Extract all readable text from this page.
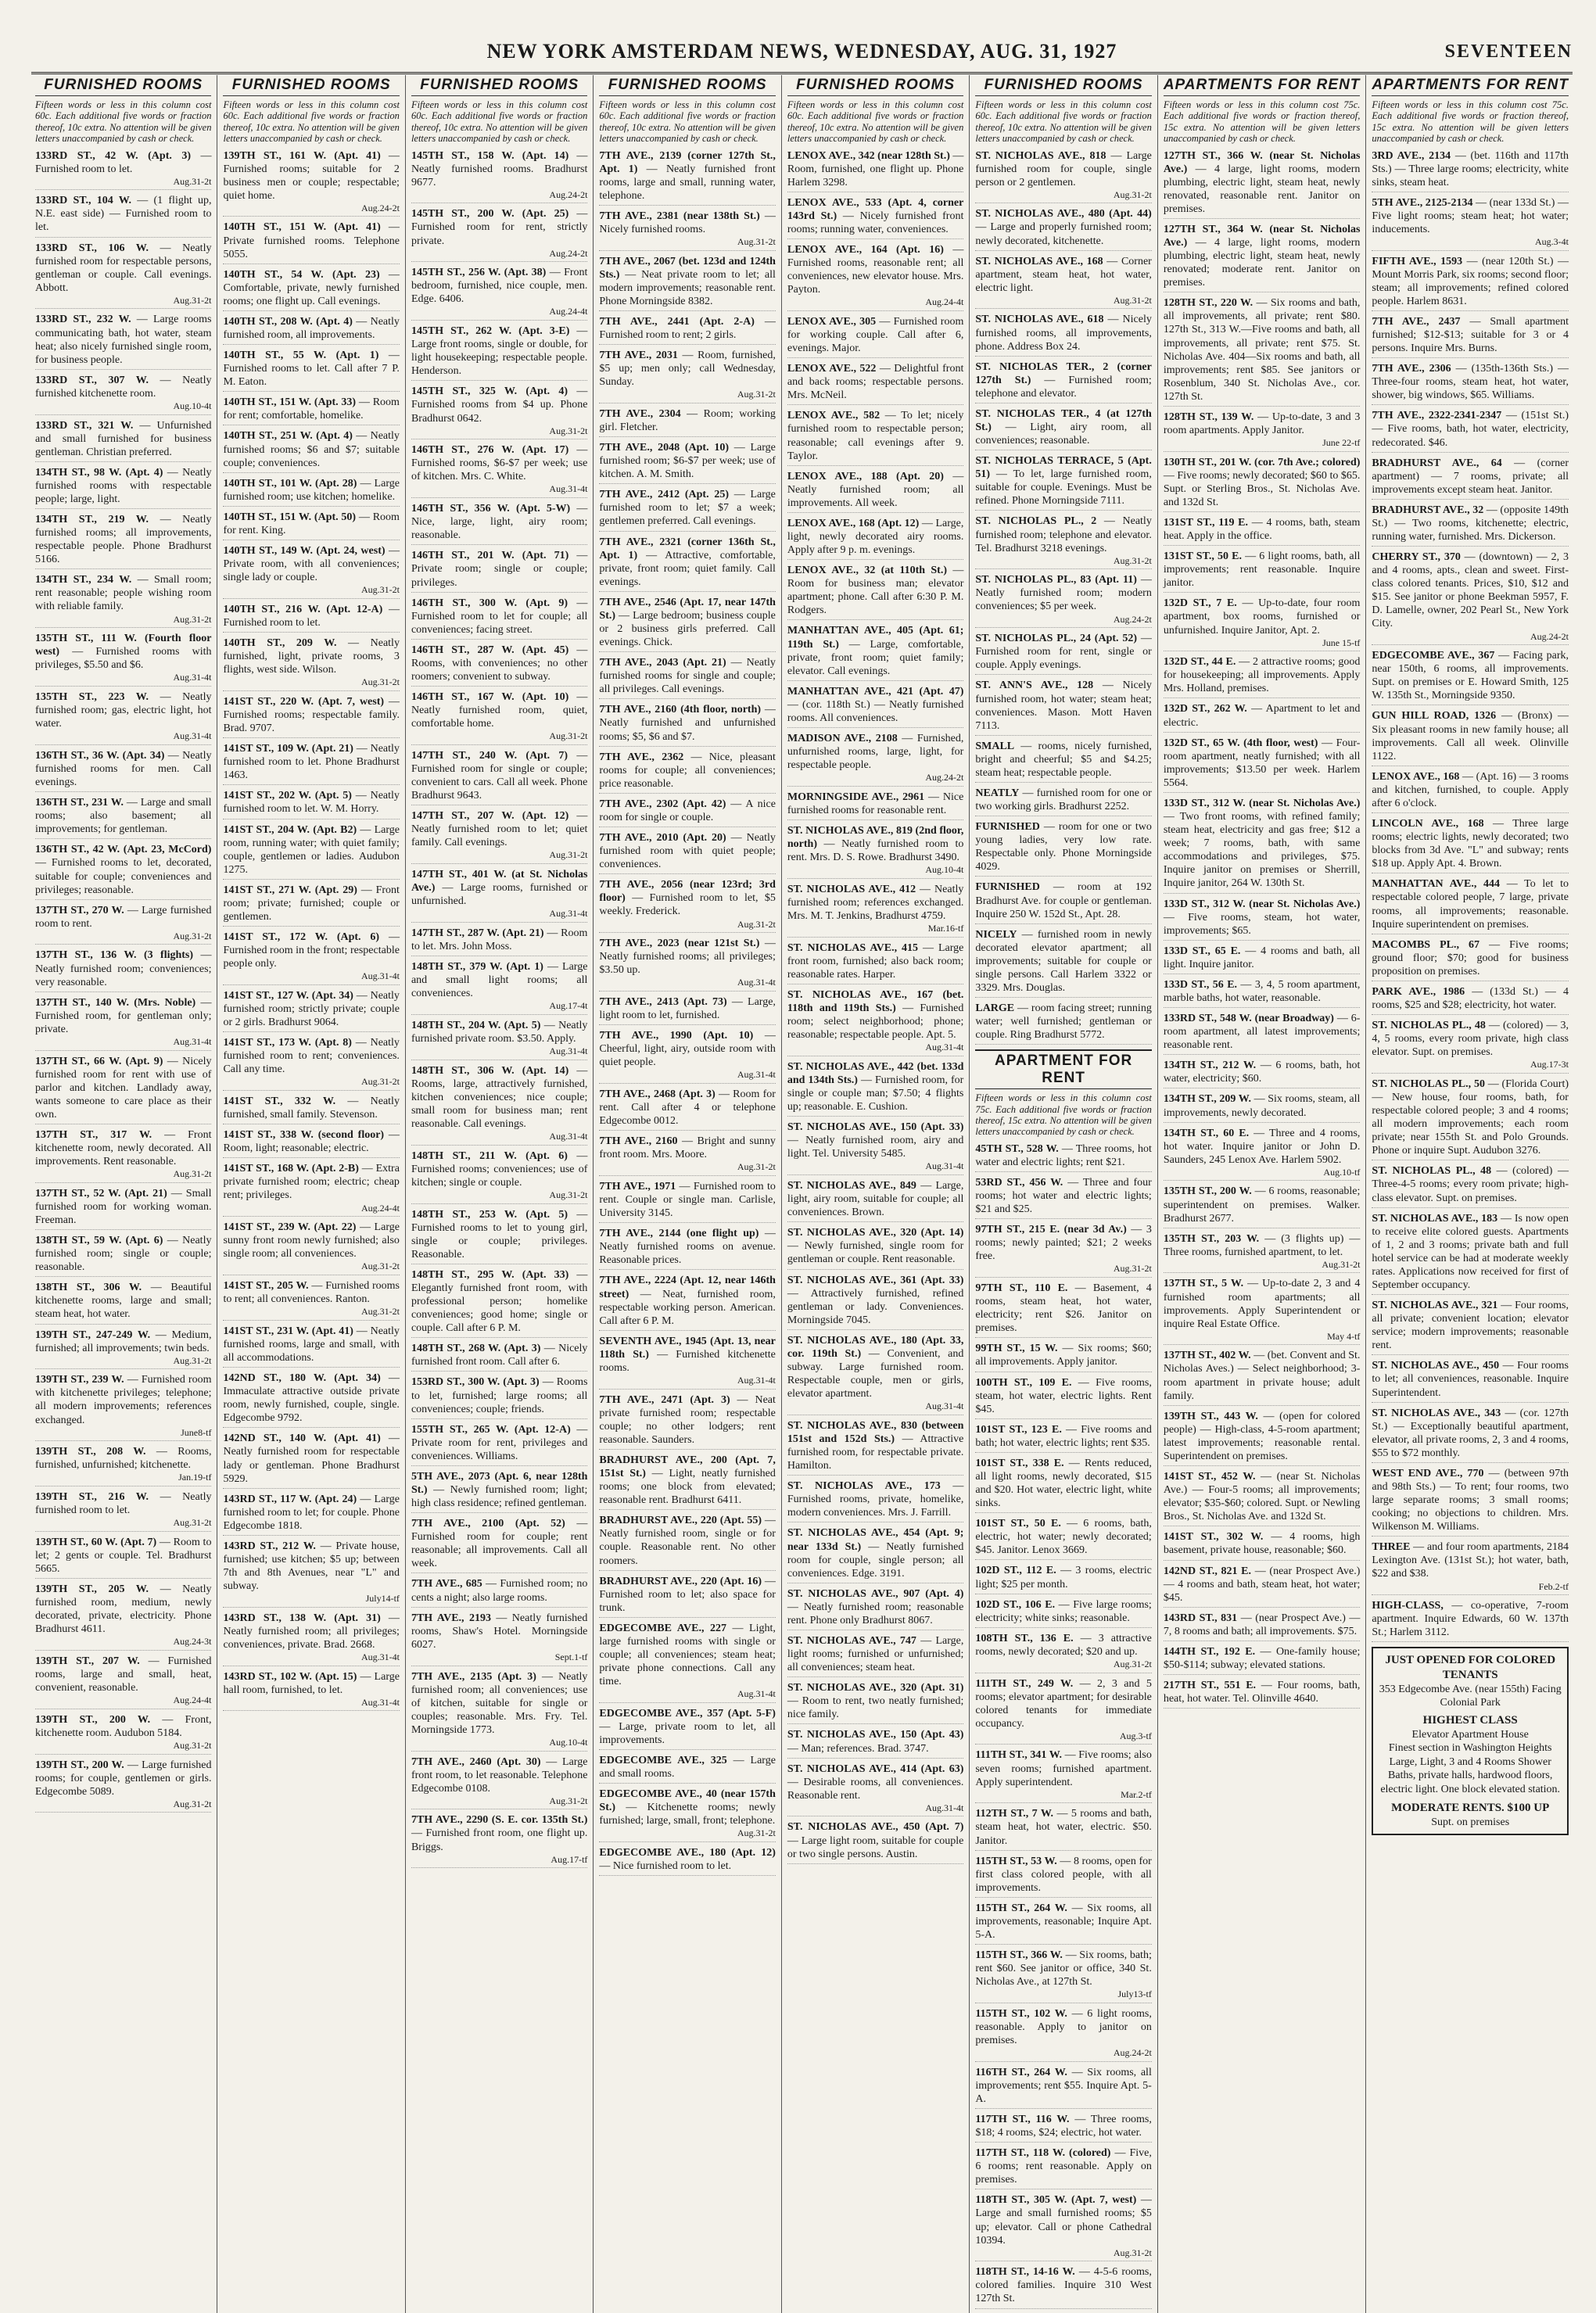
NEW YORK AMSTERDAM NEWS, WEDNESDAY, AUG. 31, 1927	SEVENTEEN
FURNISHED ROOMS

Fifteen words or less in this column cost 60c. Each additional five words or fraction thereof, 10c extra. No attention will be given letters unaccompanied by cash or check.

133RD ST., 42 W. (Apt. 3) — Furnished room to let.
Aug.31-2t

133RD ST., 104 W. — (1 flight up, N.E. east side) — Furnished room to let.

133RD ST., 106 W. — Neatly furnished room for respectable persons, gentleman or couple. Call evenings. Abbott.
Aug.31-2t

133RD ST., 232 W. — Large rooms communicating bath, hot water, steam heat; also nicely furnished single room, for business people.

133RD ST., 307 W. — Neatly furnished kitchenette room.
Aug.10-4t

133RD ST., 321 W. — Unfurnished and small furnished for business gentleman. Christian preferred.

134TH ST., 98 W. (Apt. 4) — Neatly furnished rooms with respectable people; large, light.

134TH ST., 219 W. — Neatly furnished rooms; all improvements, respectable people. Phone Bradhurst 5166.

134TH ST., 234 W. — Small room; rent reasonable; people wishing room with reliable family.
Aug.31-2t

135TH ST., 111 W. (Fourth floor west) — Furnished rooms with privileges, $5.50 and $6.
Aug.31-4t

135TH ST., 223 W. — Neatly furnished room; gas, electric light, hot water.
Aug.31-4t

136TH ST., 36 W. (Apt. 34) — Neatly furnished rooms for men. Call evenings.

136TH ST., 231 W. — Large and small rooms; also basement; all improvements; for gentleman.

136TH ST., 42 W. (Apt. 23, McCord) — Furnished rooms to let, decorated, suitable for couple; conveniences and privileges; reasonable.

137TH ST., 270 W. — Large furnished room to rent.
Aug.31-2t

137TH ST., 136 W. (3 flights) — Neatly furnished room; conveniences; very reasonable.

137TH ST., 140 W. (Mrs. Noble) — Furnished room, for gentleman only; private.
Aug.31-4t

137TH ST., 66 W. (Apt. 9) — Nicely furnished room for rent with use of parlor and kitchen. Landlady away, wants someone to care place as their own.

137TH ST., 317 W. — Front kitchenette room, newly decorated. All improvements. Rent reasonable.
Aug.31-2t

137TH ST., 52 W. (Apt. 21) — Small furnished room for working woman. Freeman.

138TH ST., 59 W. (Apt. 6) — Neatly furnished room; single or couple; reasonable.

138TH ST., 306 W. — Beautiful kitchenette rooms, large and small; steam heat, hot water.

139TH ST., 247-249 W. — Medium, furnished; all improvements; twin beds.
Aug.31-2t

139TH ST., 239 W. — Furnished room with kitchenette privileges; telephone; all modern improvements; references exchanged.
June8-tf

139TH ST., 208 W. — Rooms, furnished, unfurnished; kitchenette.
Jan.19-tf

139TH ST., 216 W. — Neatly furnished room to let.
Aug.31-2t

139TH ST., 60 W. (Apt. 7) — Room to let; 2 gents or couple. Tel. Bradhurst 5665.

139TH ST., 205 W. — Neatly furnished room, medium, newly decorated, private, electricity. Phone Bradhurst 4611.
Aug.24-3t

139TH ST., 207 W. — Furnished rooms, large and small, heat, convenient, reasonable.
Aug.24-4t

139TH ST., 200 W. — Front, kitchenette room. Audubon 5184.
Aug.31-2t

139TH ST., 200 W. — Large furnished rooms; for couple, gentlemen or girls. Edgecombe 5089.
Aug.31-2t

FURNISHED ROOMS

Fifteen words or less in this column cost 60c. Each additional five words or fraction thereof, 10c extra. No attention will be given letters unaccompanied by cash or check.

139TH ST., 161 W. (Apt. 41) — Furnished rooms; suitable for 2 business men or couple; respectable; quiet home.
Aug.24-2t

140TH ST., 151 W. (Apt. 41) — Private furnished rooms. Telephone 5055.

140TH ST., 54 W. (Apt. 23) — Comfortable, private, newly furnished rooms; one flight up. Call evenings.

140TH ST., 208 W. (Apt. 4) — Neatly furnished room, all improvements.

140TH ST., 55 W. (Apt. 1) — Furnished rooms to let. Call after 7 P. M. Eaton.

140TH ST., 151 W. (Apt. 33) — Room for rent; comfortable, homelike.

140TH ST., 251 W. (Apt. 4) — Neatly furnished rooms; $6 and $7; suitable couple; conveniences.

140TH ST., 101 W. (Apt. 28) — Large furnished room; use kitchen; homelike.

140TH ST., 151 W. (Apt. 50) — Room for rent. King.

140TH ST., 149 W. (Apt. 24, west) — Private room, with all conveniences; single lady or couple.
Aug.31-2t

140TH ST., 216 W. (Apt. 12-A) — Furnished room to let.

140TH ST., 209 W. — Neatly furnished, light, private rooms, 3 flights, west side. Wilson.
Aug.31-2t

141ST ST., 220 W. (Apt. 7, west) — Furnished rooms; respectable family. Brad. 9707.

141ST ST., 109 W. (Apt. 21) — Neatly furnished room to let. Phone Bradhurst 1463.

141ST ST., 202 W. (Apt. 5) — Neatly furnished room to let. W. M. Horry.

141ST ST., 204 W. (Apt. B2) — Large room, running water; with quiet family; couple, gentlemen or ladies. Audubon 1275.

141ST ST., 271 W. (Apt. 29) — Front room; private; furnished; couple or gentlemen.

141ST ST., 172 W. (Apt. 6) — Furnished room in the front; respectable people only.
Aug.31-4t

141ST ST., 127 W. (Apt. 34) — Neatly furnished room; strictly private; couple or 2 girls. Bradhurst 9064.

141ST ST., 173 W. (Apt. 8) — Neatly furnished room to rent; conveniences. Call any time.
Aug.31-2t

141ST ST., 332 W. — Neatly furnished, small family. Stevenson.

141ST ST., 338 W. (second floor) — Room, light; reasonable; electric.

141ST ST., 168 W. (Apt. 2-B) — Extra private furnished room; electric; cheap rent; privileges.
Aug.24-4t

141ST ST., 239 W. (Apt. 22) — Large sunny front room newly furnished; also single room; all conveniences.
Aug.31-2t

141ST ST., 205 W. — Furnished rooms to rent; all conveniences. Ranton.
Aug.31-2t

141ST ST., 231 W. (Apt. 41) — Neatly furnished rooms, large and small, with all accommodations.

142ND ST., 180 W. (Apt. 34) — Immaculate attractive outside private room, newly furnished, couple, single. Edgecombe 9792.

142ND ST., 140 W. (Apt. 41) — Neatly furnished room for respectable lady or gentleman. Phone Bradhurst 5929.

143RD ST., 117 W. (Apt. 24) — Large furnished room to let; for couple. Phone Edgecombe 1818.

143RD ST., 212 W. — Private house, furnished; use kitchen; $5 up; between 7th and 8th Avenues, near "L" and subway.
July14-tf

143RD ST., 138 W. (Apt. 31) — Neatly furnished room; all privileges; conveniences, private. Brad. 2668.
Aug.31-4t

143RD ST., 102 W. (Apt. 15) — Large hall room, furnished, to let.
Aug.31-4t

FURNISHED ROOMS

Fifteen words or less in this column cost 60c. Each additional five words or fraction thereof, 10c extra. No attention will be given letters unaccompanied by cash or check.

145TH ST., 158 W. (Apt. 14) — Neatly furnished rooms. Bradhurst 9677.
Aug.24-2t

145TH ST., 200 W. (Apt. 25) — Furnished room for rent, strictly private.
Aug.24-2t

145TH ST., 256 W. (Apt. 38) — Front bedroom, furnished, nice couple, men. Edge. 6406.
Aug.24-4t

145TH ST., 262 W. (Apt. 3-E) — Large front rooms, single or double, for light housekeeping; respectable people. Henderson.

145TH ST., 325 W. (Apt. 4) — Furnished rooms from $4 up. Phone Bradhurst 0642.
Aug.31-2t

146TH ST., 276 W. (Apt. 17) — Furnished rooms, $6-$7 per week; use of kitchen. Mrs. C. White.
Aug.31-4t

146TH ST., 356 W. (Apt. 5-W) — Nice, large, light, airy room; reasonable.

146TH ST., 201 W. (Apt. 71) — Private room; single or couple; privileges.

146TH ST., 300 W. (Apt. 9) — Furnished room to let for couple; all conveniences; facing street.

146TH ST., 287 W. (Apt. 45) — Rooms, with conveniences; no other roomers; convenient to subway.

146TH ST., 167 W. (Apt. 10) — Neatly furnished room, quiet, comfortable home.
Aug.31-2t

147TH ST., 240 W. (Apt. 7) — Furnished room for single or couple; convenient to cars. Call all week. Phone Bradhurst 9643.

147TH ST., 207 W. (Apt. 12) — Neatly furnished room to let; quiet family. Call evenings.
Aug.31-2t

147TH ST., 401 W. (at St. Nicholas Ave.) — Large rooms, furnished or unfurnished.
Aug.31-4t

147TH ST., 287 W. (Apt. 21) — Room to let. Mrs. John Moss.

148TH ST., 379 W. (Apt. 1) — Large and small light rooms; all conveniences.
Aug.17-4t

148TH ST., 204 W. (Apt. 5) — Neatly furnished private room. $3.50. Apply.
Aug.31-4t

148TH ST., 306 W. (Apt. 14) — Rooms, large, attractively furnished, kitchen conveniences; nice couple; small room for business man; rent reasonable. Call evenings.
Aug.31-4t

148TH ST., 211 W. (Apt. 6) — Furnished rooms; conveniences; use of kitchen; single or couple.
Aug.31-2t

148TH ST., 253 W. (Apt. 5) — Furnished rooms to let to young girl, single or couple; privileges. Reasonable.

148TH ST., 295 W. (Apt. 33) — Elegantly furnished front room, with professional person; homelike conveniences; good home; single or couple. Call after 6 P. M.

148TH ST., 268 W. (Apt. 3) — Nicely furnished front room. Call after 6.

153RD ST., 300 W. (Apt. 3) — Rooms to let, furnished; large rooms; all conveniences; couple; friends.

155TH ST., 265 W. (Apt. 12-A) — Private room for rent, privileges and conveniences. Williams.

5TH AVE., 2073 (Apt. 6, near 128th St.) — Newly furnished room; light; high class residence; refined gentleman.

7TH AVE., 2100 (Apt. 52) — Furnished room for couple; rent reasonable; all improvements. Call all week.

7TH AVE., 685 — Furnished room; no cents a night; also large rooms.

7TH AVE., 2193 — Neatly furnished rooms, Shaw's Hotel. Morningside 6027.
Sept.1-tf

7TH AVE., 2135 (Apt. 3) — Neatly furnished room; all conveniences; use of kitchen, suitable for single or couples; reasonable. Mrs. Fry. Tel. Morningside 1773.
Aug.10-4t

7TH AVE., 2460 (Apt. 30) — Large front room, to let reasonable. Telephone Edgecombe 0108.
Aug.31-2t

7TH AVE., 2290 (S. E. cor. 135th St.) — Furnished front room, one flight up. Briggs.
Aug.17-tf

FURNISHED ROOMS

Fifteen words or less in this column cost 60c. Each additional five words or fraction thereof, 10c extra. No attention will be given letters unaccompanied by cash or check.

7TH AVE., 2139 (corner 127th St., Apt. 1) — Neatly furnished front rooms, large and small, running water, telephone.

7TH AVE., 2381 (near 138th St.) — Nicely furnished rooms.
Aug.31-2t

7TH AVE., 2067 (bet. 123d and 124th Sts.) — Neat private room to let; all modern improvements; reasonable rent. Phone Morningside 8382.

7TH AVE., 2441 (Apt. 2-A) — Furnished room to rent; 2 girls.

7TH AVE., 2031 — Room, furnished, $5 up; men only; call Wednesday, Sunday.
Aug.31-2t

7TH AVE., 2304 — Room; working girl. Fletcher.

7TH AVE., 2048 (Apt. 10) — Large furnished room; $6-$7 per week; use of kitchen. A. M. Smith.

7TH AVE., 2412 (Apt. 25) — Large furnished room to let; $7 a week; gentlemen preferred. Call evenings.

7TH AVE., 2321 (corner 136th St., Apt. 1) — Attractive, comfortable, private, front room; quiet family. Call evenings.

7TH AVE., 2546 (Apt. 17, near 147th St.) — Large bedroom; business couple or 2 business girls preferred. Call evenings. Chick.

7TH AVE., 2043 (Apt. 21) — Neatly furnished rooms for single and couple; all privileges. Call evenings.

7TH AVE., 2160 (4th floor, north) — Neatly furnished and unfurnished rooms; $5, $6 and $7.

7TH AVE., 2362 — Nice, pleasant rooms for couple; all conveniences; price reasonable.

7TH AVE., 2302 (Apt. 42) — A nice room for single or couple.

7TH AVE., 2010 (Apt. 20) — Neatly furnished room with quiet people; conveniences.

7TH AVE., 2056 (near 123rd; 3rd floor) — Furnished room to let, $5 weekly. Frederick.
Aug.31-2t

7TH AVE., 2023 (near 121st St.) — Neatly furnished rooms; all privileges; $3.50 up.
Aug.31-4t

7TH AVE., 2413 (Apt. 73) — Large, light room to let, furnished.

7TH AVE., 1990 (Apt. 10) — Cheerful, light, airy, outside room with quiet people.
Aug.31-4t

7TH AVE., 2468 (Apt. 3) — Room for rent. Call after 4 or telephone Edgecombe 0012.

7TH AVE., 2160 — Bright and sunny front room. Mrs. Moore.
Aug.31-2t

7TH AVE., 1971 — Furnished room to rent. Couple or single man. Carlisle, University 3145.

7TH AVE., 2144 (one flight up) — Neatly furnished rooms on avenue. Reasonable prices.

7TH AVE., 2224 (Apt. 12, near 146th street) — Neat, furnished room, respectable working person. American. Call after 6 P. M.

SEVENTH AVE., 1945 (Apt. 13, near 118th St.) — Furnished kitchenette rooms.
Aug.31-4t

7TH AVE., 2471 (Apt. 3) — Neat private furnished room; respectable couple; no other lodgers; rent reasonable. Saunders.

BRADHURST AVE., 200 (Apt. 7, 151st St.) — Light, neatly furnished rooms; one block from elevated; reasonable rent. Bradhurst 6411.

BRADHURST AVE., 220 (Apt. 55) — Neatly furnished room, single or for couple. Reasonable rent. No other roomers.

BRADHURST AVE., 220 (Apt. 16) — Furnished room to let; also space for trunk.

EDGECOMBE AVE., 227 — Light, large furnished rooms with single or couple; all conveniences; steam heat; private phone connections. Call any time.
Aug.31-4t

EDGECOMBE AVE., 357 (Apt. 5-F) — Large, private room to let, all improvements.

EDGECOMBE AVE., 325 — Large and small rooms.

EDGECOMBE AVE., 40 (near 157th St.) — Kitchenette rooms; newly furnished; large, small, front; telephone.
Aug.31-2t

EDGECOMBE AVE., 180 (Apt. 12) — Nice furnished room to let.

FURNISHED ROOMS

Fifteen words or less in this column cost 60c. Each additional five words or fraction thereof, 10c extra. No attention will be given letters unaccompanied by cash or check.

LENOX AVE., 342 (near 128th St.) — Room, furnished, one flight up. Phone Harlem 3298.

LENOX AVE., 533 (Apt. 4, corner 143rd St.) — Nicely furnished front rooms; running water, conveniences.

LENOX AVE., 164 (Apt. 16) — Furnished rooms, reasonable rent; all conveniences, new elevator house. Mrs. Payton.
Aug.24-4t

LENOX AVE., 305 — Furnished room for working couple. Call after 6, evenings. Major.

LENOX AVE., 522 — Delightful front and back rooms; respectable persons. Mrs. McNeil.

LENOX AVE., 582 — To let; nicely furnished room to respectable person; reasonable; call evenings after 9. Taylor.

LENOX AVE., 188 (Apt. 20) — Neatly furnished room; all improvements. All week.

LENOX AVE., 168 (Apt. 12) — Large, light, newly decorated airy rooms. Apply after 9 p. m. evenings.

LENOX AVE., 32 (at 110th St.) — Room for business man; elevator apartment; phone. Call after 6:30 P. M. Rodgers.

MANHATTAN AVE., 405 (Apt. 61; 119th St.) — Large, comfortable, private, front room; quiet family; elevator. Call evenings.

MANHATTAN AVE., 421 (Apt. 47) — (cor. 118th St.) — Neatly furnished rooms. All conveniences.

MADISON AVE., 2108 — Furnished, unfurnished rooms, large, light, for respectable people.
Aug.24-2t

MORNINGSIDE AVE., 2961 — Nice furnished rooms for reasonable rent.

ST. NICHOLAS AVE., 819 (2nd floor, north) — Neatly furnished room to rent. Mrs. D. S. Rowe. Bradhurst 3490.
Aug.10-4t

ST. NICHOLAS AVE., 412 — Neatly furnished room; references exchanged. Mrs. M. T. Jenkins, Bradhurst 4759.
Mar.16-tf

ST. NICHOLAS AVE., 415 — Large front room, furnished; also back room; reasonable rates. Harper.

ST. NICHOLAS AVE., 167 (bet. 118th and 119th Sts.) — Furnished room; select neighborhood; phone; reasonable; respectable people. Apt. 5.
Aug.31-4t

ST. NICHOLAS AVE., 442 (bet. 133d and 134th Sts.) — Furnished room, for single or couple man; $7.50; 4 flights up; reasonable. E. Cushion.

ST. NICHOLAS AVE., 150 (Apt. 33) — Neatly furnished room, airy and light. Tel. University 5485.
Aug.31-4t

ST. NICHOLAS AVE., 849 — Large, light, airy room, suitable for couple; all conveniences. Brown.

ST. NICHOLAS AVE., 320 (Apt. 14) — Newly furnished, single room for gentleman or couple. Rent reasonable.

ST. NICHOLAS AVE., 361 (Apt. 33) — Attractively furnished, refined gentleman or lady. Conveniences. Morningside 7045.

ST. NICHOLAS AVE., 180 (Apt. 33, cor. 119th St.) — Convenient, and subway. Large furnished room. Respectable couple, men or girls, elevator apartment.
Aug.31-4t

ST. NICHOLAS AVE., 830 (between 151st and 152d Sts.) — Attractive furnished room, for respectable private. Hamilton.

ST. NICHOLAS AVE., 173 — Furnished rooms, private, homelike, modern conveniences. Mrs. J. Farrill.

ST. NICHOLAS AVE., 454 (Apt. 9; near 133d St.) — Neatly furnished room for couple, single person; all conveniences. Edge. 3191.

ST. NICHOLAS AVE., 907 (Apt. 4) — Neatly furnished room; reasonable rent. Phone only Bradhurst 8067.

ST. NICHOLAS AVE., 747 — Large, light rooms; furnished or unfurnished; all conveniences; steam heat.

ST. NICHOLAS AVE., 320 (Apt. 31) — Room to rent, two neatly furnished; nice family.

ST. NICHOLAS AVE., 150 (Apt. 43) — Man; references. Brad. 3747.

ST. NICHOLAS AVE., 414 (Apt. 63) — Desirable rooms, all conveniences. Reasonable rent.
Aug.31-4t

ST. NICHOLAS AVE., 450 (Apt. 7) — Large light room, suitable for couple or two single persons. Austin.

FURNISHED ROOMS

Fifteen words or less in this column cost 60c. Each additional five words or fraction thereof, 10c extra. No attention will be given letters unaccompanied by cash or check.

ST. NICHOLAS AVE., 818 — Large furnished room for couple, single person or 2 gentlemen.
Aug.31-2t

ST. NICHOLAS AVE., 480 (Apt. 44) — Large and properly furnished room; newly decorated, kitchenette.

ST. NICHOLAS AVE., 168 — Corner apartment, steam heat, hot water, electric light.
Aug.31-2t

ST. NICHOLAS AVE., 618 — Nicely furnished rooms, all improvements, phone. Address Box 24.

ST. NICHOLAS TER., 2 (corner 127th St.) — Furnished room; telephone and elevator.

ST. NICHOLAS TER., 4 (at 127th St.) — Light, airy room, all conveniences; reasonable.

ST. NICHOLAS TERRACE, 5 (Apt. 51) — To let, large furnished room, suitable for couple. Evenings. Must be refined. Phone Morningside 7111.

ST. NICHOLAS PL., 2 — Neatly furnished room; telephone and elevator. Tel. Bradhurst 3218 evenings.
Aug.31-2t

ST. NICHOLAS PL., 83 (Apt. 11) — Neatly furnished room; modern conveniences; $5 per week.
Aug.24-2t

ST. NICHOLAS PL., 24 (Apt. 52) — Furnished room for rent, single or couple. Apply evenings.

ST. ANN'S AVE., 128 — Nicely furnished room, hot water; steam heat; conveniences. Mason. Mott Haven 7113.

SMALL — rooms, nicely furnished, bright and cheerful; $5 and $4.25; steam heat; respectable people.

NEATLY — furnished room for one or two working girls. Bradhurst 2252.

FURNISHED — room for one or two young ladies, very low rate. Respectable only. Phone Morningside 4029.

FURNISHED — room at 192 Bradhurst Ave. for couple or gentleman. Inquire 250 W. 152d St., Apt. 28.

NICELY — furnished room in newly decorated elevator apartment; all improvements; suitable for couple or single persons. Call Harlem 3322 or 3329. Mrs. Douglas.

LARGE — room facing street; running water; well furnished; gentleman or couple. Ring Bradhurst 5772.

APARTMENT FOR RENT

Fifteen words or less in this column cost 75c. Each additional five words or fraction thereof, 15c extra. No attention will be given letters unaccompanied by cash or check.

45TH ST., 528 W. — Three rooms, hot water and electric lights; rent $21.

53RD ST., 456 W. — Three and four rooms; hot water and electric lights; $21 and $25.

97TH ST., 215 E. (near 3d Av.) — 3 rooms; newly painted; $21; 2 weeks free.
Aug.31-2t

97TH ST., 110 E. — Basement, 4 rooms, steam heat, hot water, electricity; rent $26. Janitor on premises.

99TH ST., 15 W. — Six rooms; $60; all improvements. Apply janitor.

100TH ST., 109 E. — Five rooms, steam, hot water, electric lights. Rent $45.

101ST ST., 123 E. — Five rooms and bath; hot water, electric lights; rent $35.

101ST ST., 338 E. — Rents reduced, all light rooms, newly decorated, $15 and $20. Hot water, electric light, white sinks.

101ST ST., 50 E. — 6 rooms, bath, electric, hot water; newly decorated; $45. Janitor. Lenox 3669.

102D ST., 112 E. — 3 rooms, electric light; $25 per month.

102D ST., 106 E. — Five large rooms; electricity; white sinks; reasonable.

108TH ST., 136 E. — 3 attractive rooms, newly decorated; $20 and up.
Aug.31-2t

111TH ST., 249 W. — 2, 3 and 5 rooms; elevator apartment; for desirable colored tenants for immediate occupancy.
Aug.3-tf

111TH ST., 341 W. — Five rooms; also seven rooms; furnished apartment. Apply superintendent.
Mar.2-tf

112TH ST., 7 W. — 5 rooms and bath, steam heat, hot water, electric. $50. Janitor.

115TH ST., 53 W. — 8 rooms, open for first class colored people, with all improvements.

115TH ST., 264 W. — Six rooms, all improvements, reasonable; Inquire Apt. 5-A.

115TH ST., 366 W. — Six rooms, bath; rent $60. See janitor or office, 340 St. Nicholas Ave., at 127th St.
July13-tf

115TH ST., 102 W. — 6 light rooms, reasonable. Apply to janitor on premises.
Aug.24-2t

116TH ST., 264 W. — Six rooms, all improvements; rent $55. Inquire Apt. 5-A.

117TH ST., 116 W. — Three rooms, $18; 4 rooms, $24; electric, hot water.

117TH ST., 118 W. (colored) — Five, 6 rooms; rent reasonable. Apply on premises.

118TH ST., 305 W. (Apt. 7, west) — Large and small furnished rooms; $5 up; elevator. Call or phone Cathedral 10394.
Aug.31-2t

118TH ST., 14-16 W. — 4-5-6 rooms, colored families. Inquire 310 West 127th St.

APARTMENTS FOR RENT

Fifteen words or less in this column cost 75c. Each additional five words or fraction thereof, 15c extra. No attention will be given letters unaccompanied by cash or check.

127TH ST., 366 W. (near St. Nicholas Ave.) — 4 large, light rooms, modern plumbing, electric light, steam heat, newly renovated, reasonable rent. Janitor on premises.

127TH ST., 364 W. (near St. Nicholas Ave.) — 4 large, light rooms, modern plumbing, electric light, steam heat, newly renovated; moderate rent. Janitor on premises.

128TH ST., 220 W. — Six rooms and bath, all improvements, all private; rent $80. 127th St., 313 W.—Five rooms and bath, all improvements, all private; rent $75. St. Nicholas Ave. 404—Six rooms and bath, all improvements; rent $85. See janitors or Rosenblum, 340 St. Nicholas Ave., cor. 127th St.

128TH ST., 139 W. — Up-to-date, 3 and 3 room apartments. Apply Janitor.
June 22-tf

130TH ST., 201 W. (cor. 7th Ave.; colored) — Five rooms; newly decorated; $60 to $65. Supt. or Sterling Bros., St. Nicholas Ave. and 132d St.

131ST ST., 119 E. — 4 rooms, bath, steam heat. Apply in the office.

131ST ST., 50 E. — 6 light rooms, bath, all improvements; rent reasonable. Inquire janitor.

132D ST., 7 E. — Up-to-date, four room apartment, box rooms, furnished or unfurnished. Inquire Janitor, Apt. 2.
June 15-tf

132D ST., 44 E. — 2 attractive rooms; good for housekeeping; all improvements. Apply Mrs. Holland, premises.

132D ST., 262 W. — Apartment to let and electric.

132D ST., 65 W. (4th floor, west) — Four-room apartment, neatly furnished; with all improvements; $13.50 per week. Harlem 5564.

133D ST., 312 W. (near St. Nicholas Ave.) — Two front rooms, with refined family; steam heat, electricity and gas free; $12 a week; 7 rooms, bath, with same accommodations and privileges, $75. Inquire janitor on premises or Sherrill, Inquire janitor, 264 W. 130th St.

133D ST., 312 W. (near St. Nicholas Ave.) — Five rooms, steam, hot water, improvements; $65.

133D ST., 65 E. — 4 rooms and bath, all light. Inquire janitor.

133D ST., 56 E. — 3, 4, 5 room apartment, marble baths, hot water, reasonable.

133RD ST., 548 W. (near Broadway) — 6-room apartment, all latest improvements; reasonable rent.

134TH ST., 212 W. — 6 rooms, bath, hot water, electricity; $60.

134TH ST., 209 W. — Six rooms, steam, all improvements, newly decorated.

134TH ST., 60 E. — Three and 4 rooms, hot water. Inquire janitor or John D. Saunders, 245 Lenox Ave. Harlem 5902.
Aug.10-tf

135TH ST., 200 W. — 6 rooms, reasonable; superintendent on premises. Walker. Bradhurst 2677.

135TH ST., 203 W. — (3 flights up) — Three rooms, furnished apartment, to let.
Aug.31-2t

137TH ST., 5 W. — Up-to-date 2, 3 and 4 furnished room apartments; all improvements. Apply Superintendent or inquire Real Estate Office.
May 4-tf

137TH ST., 402 W. — (bet. Convent and St. Nicholas Aves.) — Select neighborhood; 3-room apartment in private house; adult family.

139TH ST., 443 W. — (open for colored people) — High-class, 4-5-room apartment; latest improvements; reasonable rental. Superintendent on premises.

141ST ST., 452 W. — (near St. Nicholas Ave.) — Four-5 rooms; all improvements; elevator; $35-$60; colored. Supt. or Newling Bros., St. Nicholas Ave. and 132d St.

141ST ST., 302 W. — 4 rooms, high basement, private house, reasonable; $60.

142ND ST., 821 E. — (near Prospect Ave.) — 4 rooms and bath, steam heat, hot water; $45.

143RD ST., 831 — (near Prospect Ave.) — 7, 8 rooms and bath; all improvements. $75.

144TH ST., 192 E. — One-family house; $50-$114; subway; elevated stations.

217TH ST., 551 E. — Four rooms, bath, heat, hot water. Tel. Olinville 4640.

APARTMENTS FOR RENT

Fifteen words or less in this column cost 75c. Each additional five words or fraction thereof, 15c extra. No attention will be given letters unaccompanied by cash or check.

3RD AVE., 2134 — (bet. 116th and 117th Sts.) — Three large rooms; electricity, white sinks, steam heat.

5TH AVE., 2125-2134 — (near 133d St.) — Five light rooms; steam heat; hot water; inducements.
Aug.3-4t

FIFTH AVE., 1593 — (near 120th St.) — Mount Morris Park, six rooms; second floor; steam; all improvements; refined colored people. Harlem 8631.

7TH AVE., 2437 — Small apartment furnished; $12-$13; suitable for 3 or 4 persons. Inquire Mrs. Burns.

7TH AVE., 2306 — (135th-136th Sts.) — Three-four rooms, steam heat, hot water, shower, big windows, $65. Williams.

7TH AVE., 2322-2341-2347 — (151st St.) — Five rooms, bath, hot water, electricity, redecorated. $46.

BRADHURST AVE., 64 — (corner apartment) — 7 rooms, private; all improvements except steam heat. Janitor.

BRADHURST AVE., 32 — (opposite 149th St.) — Two rooms, kitchenette; electric, running water, furnished. Mrs. Dickerson.

CHERRY ST., 370 — (downtown) — 2, 3 and 4 rooms, apts., clean and sweet. First-class colored tenants. Prices, $10, $12 and $15. See janitor or phone Beekman 5957, F. D. Lamelle, owner, 202 Pearl St., New York City.
Aug.24-2t

EDGECOMBE AVE., 367 — Facing park, near 150th, 6 rooms, all improvements. Supt. on premises or E. Howard Smith, 125 W. 135th St., Morningside 9350.

GUN HILL ROAD, 1326 — (Bronx) — Six pleasant rooms in new family house; all improvements. Call all week. Olinville 1122.

LENOX AVE., 168 — (Apt. 16) — 3 rooms and kitchen, furnished, to couple. Apply after 6 o'clock.

LINCOLN AVE., 168 — Three large rooms; electric lights, newly decorated; two blocks from 3d Ave. "L" and subway; rents $18 up. Apply Apt. 4. Brown.

MANHATTAN AVE., 444 — To let to respectable colored people, 7 large, private rooms, all improvements; reasonable. Inquire superintendent on premises.

MACOMBS PL., 67 — Five rooms; ground floor; $70; good for business proposition on premises.

PARK AVE., 1986 — (133d St.) — 4 rooms, $25 and $28; electricity, hot water.

ST. NICHOLAS PL., 48 — (colored) — 3, 4, 5 rooms, every room private, high class elevator. Supt. on premises.
Aug.17-3t

ST. NICHOLAS PL., 50 — (Florida Court) — New house, four rooms, bath, for respectable colored people; 3 and 4 rooms; all modern improvements; each room private; near 155th St. and Polo Grounds. Phone or inquire Supt. Audubon 3276.

ST. NICHOLAS PL., 48 — (colored) — Three-4-5 rooms; every room private; high-class elevator. Supt. on premises.

ST. NICHOLAS AVE., 183 — Is now open to receive elite colored guests. Apartments of 1, 2 and 3 rooms; private bath and full hotel service can be had at moderate weekly rates. Applications now received for first of September occupancy.

ST. NICHOLAS AVE., 321 — Four rooms, all private; convenient location; elevator service; modern improvements; reasonable rent.

ST. NICHOLAS AVE., 450 — Four rooms to let; all conveniences, reasonable. Inquire Superintendent.

ST. NICHOLAS AVE., 343 — (cor. 127th St.) — Exceptionally beautiful apartment, elevator, all private rooms, 2, 3 and 4 rooms, $55 to $72 monthly.

WEST END AVE., 770 — (between 97th and 98th Sts.) — To rent; four rooms, two large separate rooms; 3 small rooms; cooking; no objections to children. Mrs. Wilkenson M. Williams.

THREE — and four room apartments, 2184 Lexington Ave. (131st St.); hot water, bath, $22 and $38.
Feb.2-tf

HIGH-CLASS, — co-operative, 7-room apartment. Inquire Edwards, 60 W. 137th St.; Harlem 3112.

JUST OPENED FOR COLORED TENANTS
353 Edgecombe Ave. (near 155th) Facing Colonial Park
HIGHEST CLASS
Elevator Apartment House
Finest section in Washington Heights
Large, Light, 3 and 4 Rooms Shower Baths, private halls, hardwood floors, electric light. One block elevated station.
MODERATE RENTS. $100 UP
Supt. on premises
